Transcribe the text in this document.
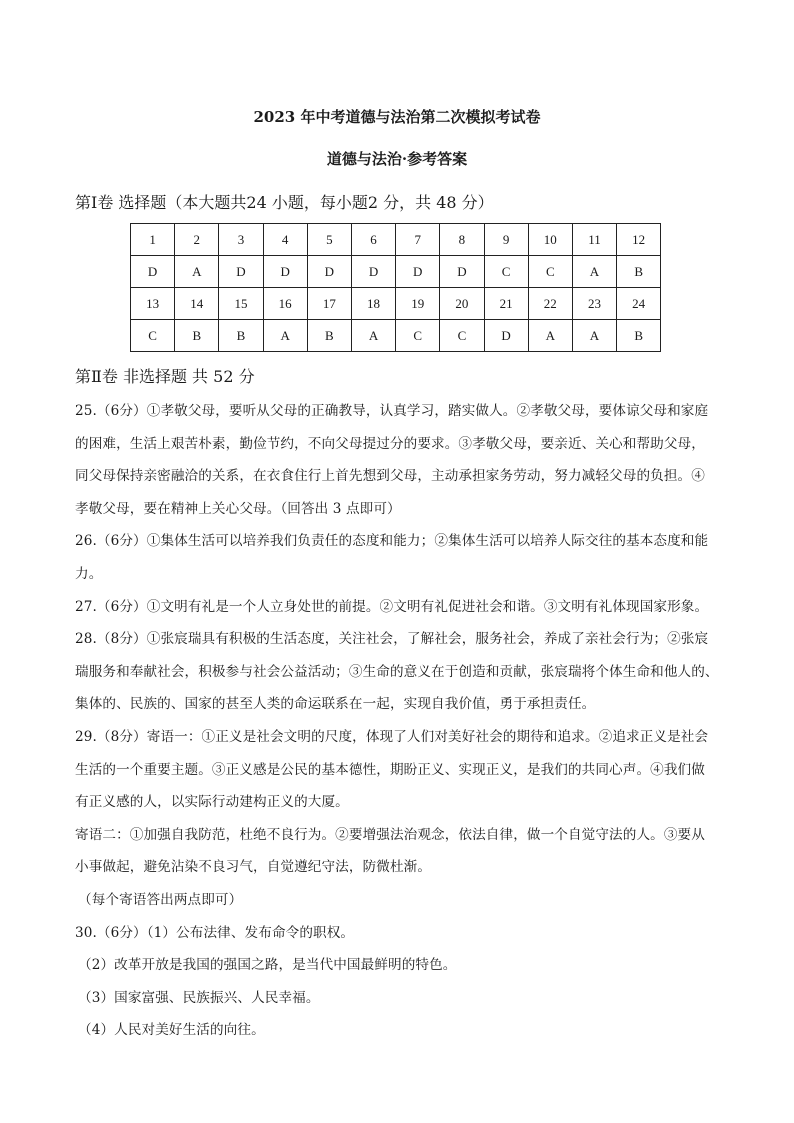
2023 年中考道德与法治第二次模拟考试卷
道德与法治·参考答案
第Ⅰ卷 选择题（本大题共24 小题，每小题2 分，共 48 分）
1	2	3	4	5	6	7	8	9	10	11	12
D	A	D	D	D	D	D	D	C	C	A	B
13	14	15	16	17	18	19	20	21	22	23	24
C	B	B	A	B	A	C	C	D	A	A	B
第Ⅱ卷 非选择题 共 52 分

25.（6分）①孝敬父母，要听从父母的正确教导，认真学习，踏实做人。②孝敬父母，要体谅父母和家庭

的困难，生活上艰苦朴素，勤俭节约，不向父母提过分的要求。③孝敬父母，要亲近、关心和帮助父母，

同父母保持亲密融洽的关系，在衣食住行上首先想到父母，主动承担家务劳动，努力减轻父母的负担。④

孝敬父母，要在精神上关心父母。（回答出 3 点即可）

26.（6分）①集体生活可以培养我们负责任的态度和能力；②集体生活可以培养人际交往的基本态度和能

力。

27.（6分）①文明有礼是一个人立身处世的前提。②文明有礼促进社会和谐。③文明有礼体现国家形象。

28.（8分）①张宸瑞具有积极的生活态度，关注社会，了解社会，服务社会，养成了亲社会行为；②张宸

瑞服务和奉献社会，积极参与社会公益活动；③生命的意义在于创造和贡献，张宸瑞将个体生命和他人的、

集体的、民族的、国家的甚至人类的命运联系在一起，实现自我价值，勇于承担责任。

29.（8分）寄语一：①正义是社会文明的尺度，体现了人们对美好社会的期待和追求。②追求正义是社会

生活的一个重要主题。③正义感是公民的基本德性，期盼正义、实现正义，是我们的共同心声。④我们做

有正义感的人，以实际行动建构正义的大厦。

寄语二：①加强自我防范，杜绝不良行为。②要增强法治观念，依法自律，做一个自觉守法的人。③要从

小事做起，避免沾染不良习气，自觉遵纪守法，防微杜渐。

（每个寄语答出两点即可）

30.（6分）（1）公布法律、发布命令的职权。

（2）改革开放是我国的强国之路，是当代中国最鲜明的特色。

（3）国家富强、民族振兴、人民幸福。

（4）人民对美好生活的向往。
